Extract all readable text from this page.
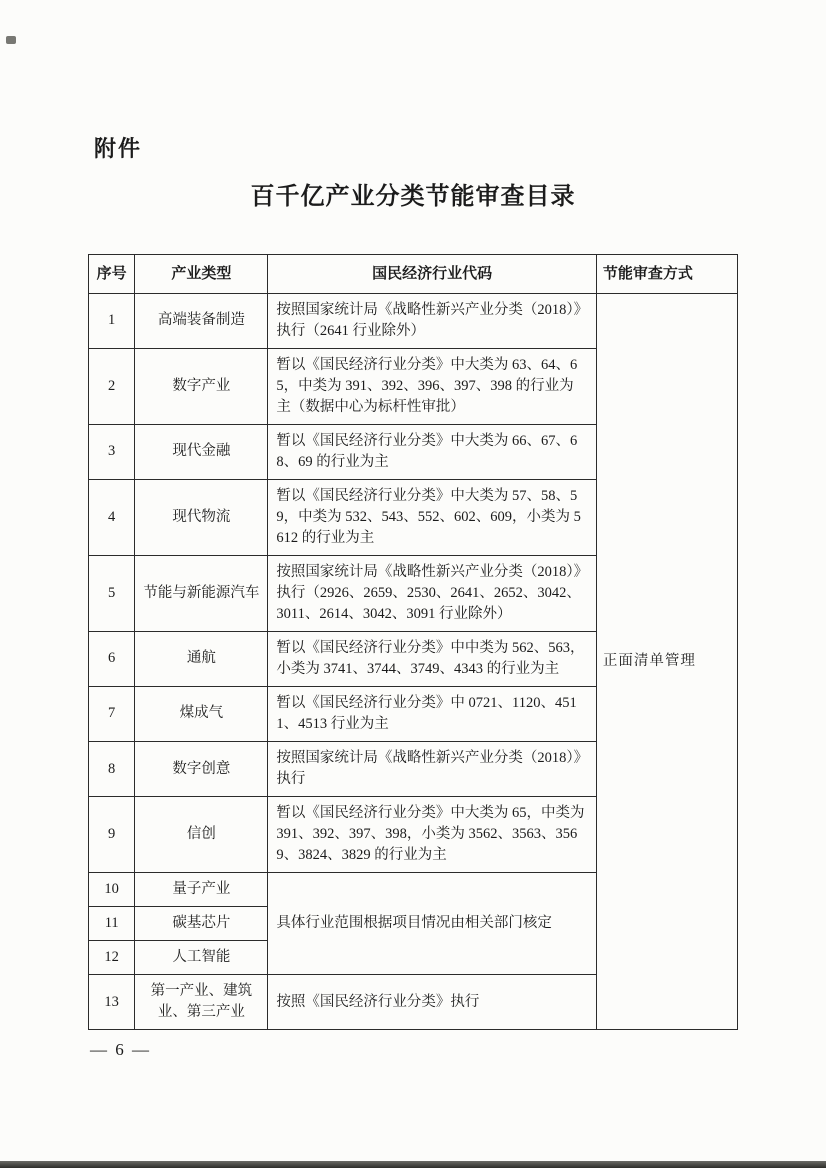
附件
百千亿产业分类节能审查目录
序号	产业类型	国民经济行业代码	节能审查方式
1	高端装备制造	按照国家统计局《战略性新兴产业分类（2018）》执行（2641 行业除外）	正面清单管理
2	数字产业	暂以《国民经济行业分类》中大类为 63、64、65，中类为 391、392、396、397、398 的行业为主（数据中心为标杆性审批）	
3	现代金融	暂以《国民经济行业分类》中大类为 66、67、68、69 的行业为主	
4	现代物流	暂以《国民经济行业分类》中大类为 57、58、59，中类为 532、543、552、602、609，小类为 5612 的行业为主	
5	节能与新能源汽车	按照国家统计局《战略性新兴产业分类（2018）》执行（2926、2659、2530、2641、2652、3042、3011、2614、3042、3091 行业除外）	
6	通航	暂以《国民经济行业分类》中中类为 562、563，小类为 3741、3744、3749、4343 的行业为主	
7	煤成气	暂以《国民经济行业分类》中 0721、1120、4511、4513 行业为主	
8	数字创意	按照国家统计局《战略性新兴产业分类（2018）》执行	
9	信创	暂以《国民经济行业分类》中大类为 65，中类为 391、392、397、398，小类为 3562、3563、3569、3824、3829 的行业为主	
10	量子产业	具体行业范围根据项目情况由相关部门核定	
11	碳基芯片		
12	人工智能		
13	第一产业、建筑业、第三产业	按照《国民经济行业分类》执行	
— 6 —
